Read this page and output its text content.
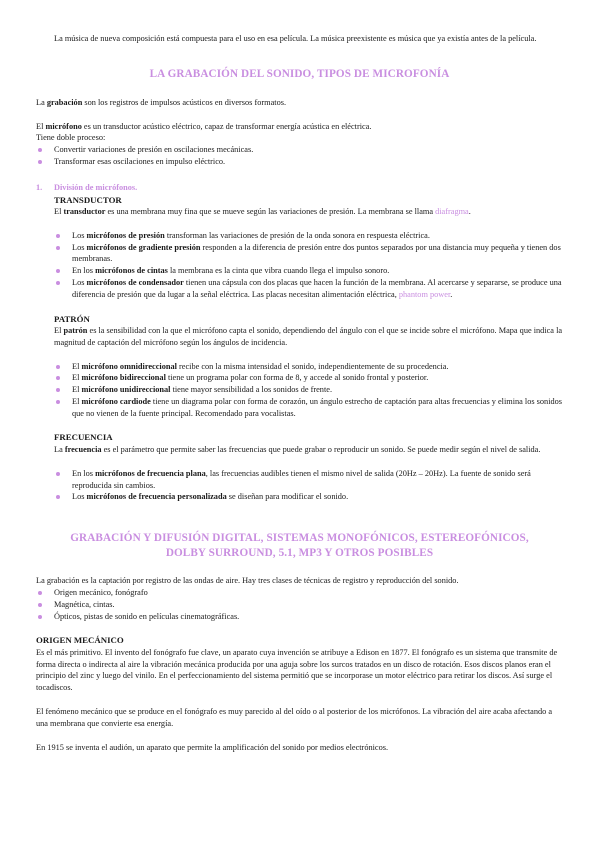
La música de nueva composición está compuesta para el uso en esa película. La música preexistente es música que ya existía antes de la película.

LA GRABACIÓN DEL SONIDO, TIPOS DE MICROFONÍA

La grabación son los registros de impulsos acústicos en diversos formatos.

El micrófono es un transductor acústico eléctrico, capaz de transformar energía acústica en eléctrica.

Tiene doble proceso:

Convertir variaciones de presión en oscilaciones mecánicas.
Transformar esas oscilaciones en impulso eléctrico.
1. División de micrófonos.
TRANSDUCTOR

El transductor es una membrana muy fina que se mueve según las variaciones de presión. La membrana se llama diafragma.

Los micrófonos de presión transforman las variaciones de presión de la onda sonora en respuesta eléctrica.
Los micrófonos de gradiente presión responden a la diferencia de presión entre dos puntos separados por una distancia muy pequeña y tienen dos membranas.
En los micrófonos de cintas la membrana es la cinta que vibra cuando llega el impulso sonoro.
Los micrófonos de condensador tienen una cápsula con dos placas que hacen la función de la membrana. Al acercarse y separarse, se produce una diferencia de presión que da lugar a la señal eléctrica. Las placas necesitan alimentación eléctrica, phantom power.
PATRÓN

El patrón es la sensibilidad con la que el micrófono capta el sonido, dependiendo del ángulo con el que se incide sobre el micrófono. Mapa que indica la magnitud de captación del micrófono según los ángulos de incidencia.

El micrófono omnidireccional recibe con la misma intensidad el sonido, independientemente de su procedencia.
El micrófono bidireccional tiene un programa polar con forma de 8, y accede al sonido frontal y posterior.
El micrófono unidireccional tiene mayor sensibilidad a los sonidos de frente.
El micrófono cardiode tiene un diagrama polar con forma de corazón, un ángulo estrecho de captación para altas frecuencias y elimina los sonidos que no vienen de la fuente principal. Recomendado para vocalistas.
FRECUENCIA

La frecuencia es el parámetro que permite saber las frecuencias que puede grabar o reproducir un sonido. Se puede medir según el nivel de salida.

En los micrófonos de frecuencia plana, las frecuencias audibles tienen el mismo nivel de salida (20Hz – 20Hz). La fuente de sonido será reproducida sin cambios.
Los micrófonos de frecuencia personalizada se diseñan para modificar el sonido.
GRABACIÓN Y DIFUSIÓN DIGITAL, SISTEMAS MONOFÓNICOS, ESTEREOFÓNICOS,
DOLBY SURROUND, 5.1, MP3 Y OTROS POSIBLES

La grabación es la captación por registro de las ondas de aire. Hay tres clases de técnicas de registro y reproducción del sonido.

Origen mecánico, fonógrafo
Magnética, cintas.
Ópticos, pistas de sonido en películas cinematográficas.
ORIGEN MECÁNICO

Es el más primitivo. El invento del fonógrafo fue clave, un aparato cuya invención se atribuye a Edison en 1877. El fonógrafo es un sistema que transmite de forma directa o indirecta al aire la vibración mecánica producida por una aguja sobre los surcos tratados en un disco de rotación. Esos discos planos eran el principio del zinc y luego del vinilo. En el perfeccionamiento del sistema permitió que se incorporase un motor eléctrico para retirar los discos. Así surge el tocadiscos.

El fenómeno mecánico que se produce en el fonógrafo es muy parecido al del oído o al posterior de los micrófonos. La vibración del aire acaba afectando a una membrana que convierte esa energía.

En 1915 se inventa el audión, un aparato que permite la amplificación del sonido por medios electrónicos.
